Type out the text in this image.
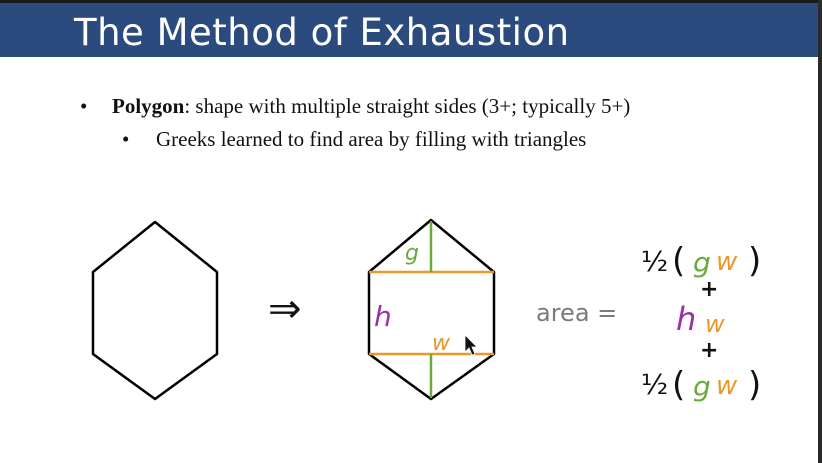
The Method of Exhaustion
• Polygon: shape with multiple straight sides (3+; typically 5+)
• Greeks learned to find area by filling with triangles
⇒
g
h
w
area =
½ ( g w )
+
h w
+
½ ( g w )
